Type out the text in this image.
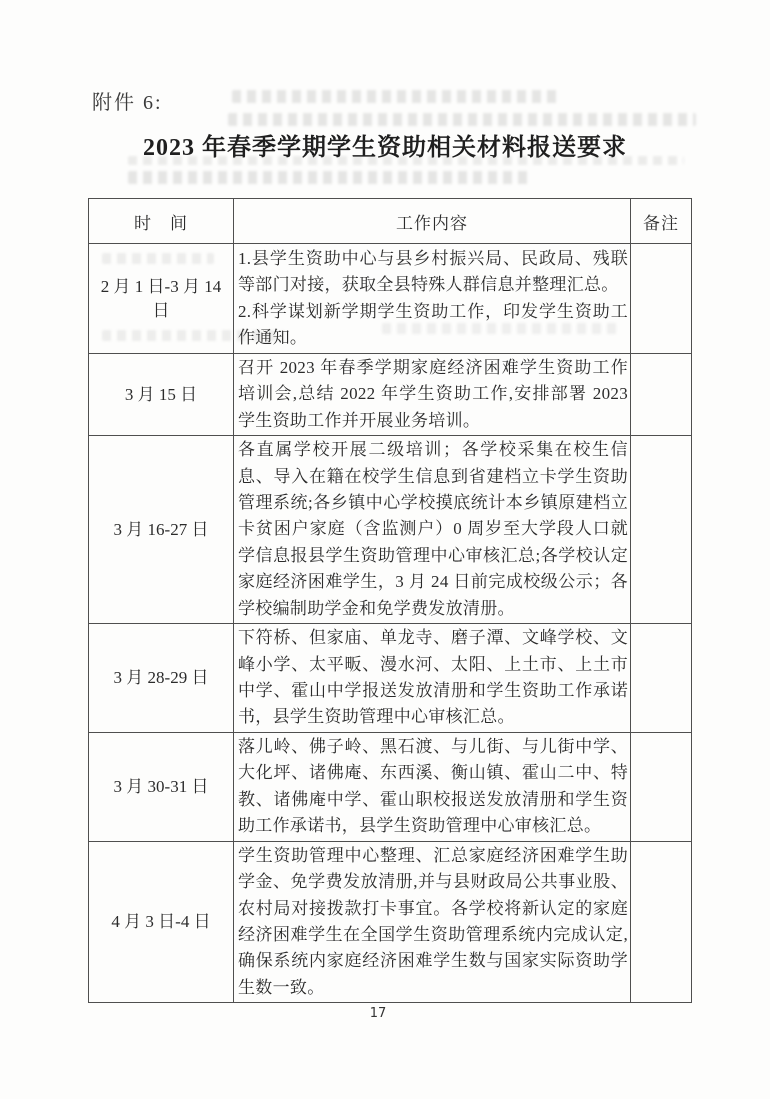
附件 6:
2023 年春季学期学生资助相关材料报送要求
时　间	工作内容	备注
2 月 1 日-3 月 14 日	1.县学生资助中心与县乡村振兴局、民政局、残联等部门对接，获取全县特殊人群信息并整理汇总。

2.科学谋划新学期学生资助工作，印发学生资助工作通知。	

3 月 15 日	召开 2023 年春季学期家庭经济困难学生资助工作培训会,总结 2022 年学生资助工作,安排部署 2023 学生资助工作并开展业务培训。	

3 月 16-27 日	各直属学校开展二级培训；各学校采集在校生信息、导入在籍在校学生信息到省建档立卡学生资助管理系统;各乡镇中心学校摸底统计本乡镇原建档立卡贫困户家庭（含监测户）0 周岁至大学段人口就学信息报县学生资助管理中心审核汇总;各学校认定家庭经济困难学生，3 月 24 日前完成校级公示；各学校编制助学金和免学费发放清册。	

3 月 28-29 日	下符桥、但家庙、单龙寺、磨子潭、文峰学校、文峰小学、太平畈、漫水河、太阳、上土市、上土市中学、霍山中学报送发放清册和学生资助工作承诺书，县学生资助管理中心审核汇总。	

3 月 30-31 日	落儿岭、佛子岭、黑石渡、与儿街、与儿街中学、大化坪、诸佛庵、东西溪、衡山镇、霍山二中、特教、诸佛庵中学、霍山职校报送发放清册和学生资助工作承诺书，县学生资助管理中心审核汇总。	

4 月 3 日-4 日	学生资助管理中心整理、汇总家庭经济困难学生助学金、免学费发放清册,并与县财政局公共事业股、农村局对接拨款打卡事宜。各学校将新认定的家庭经济困难学生在全国学生资助管理系统内完成认定,确保系统内家庭经济困难学生数与国家实际资助学生数一致。	

17
